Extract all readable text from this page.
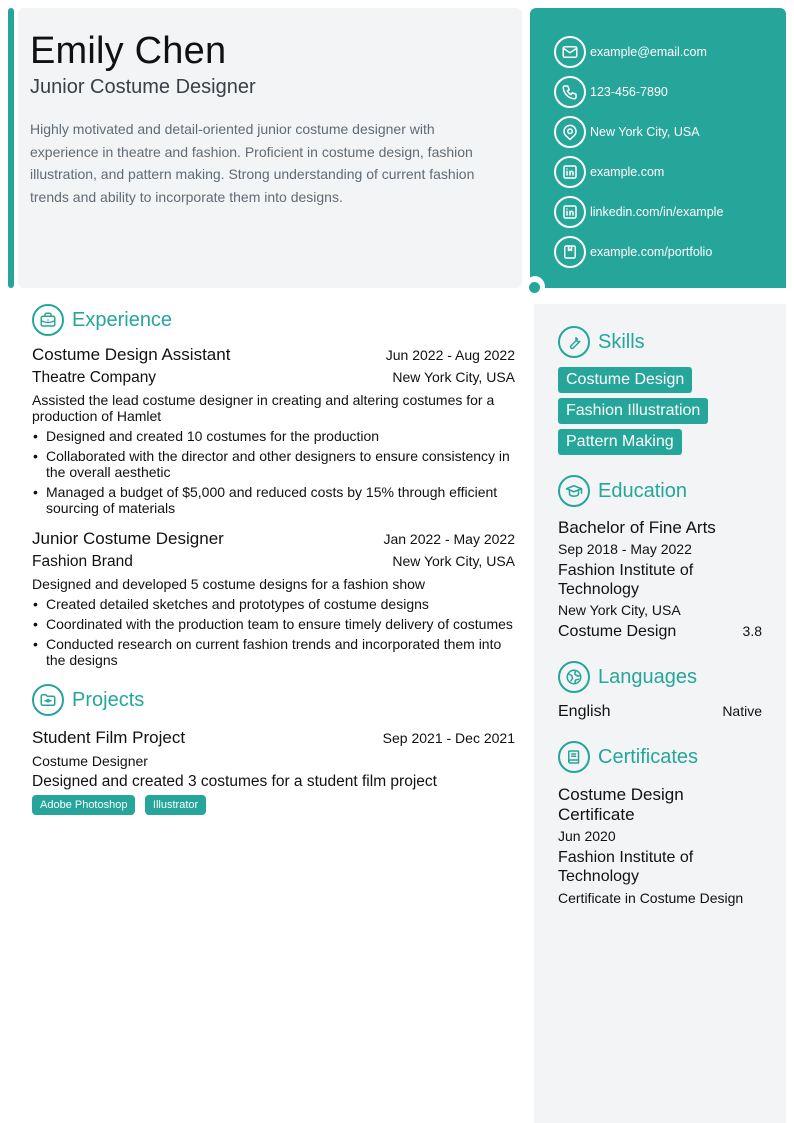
Emily Chen
Junior Costume Designer

Highly motivated and detail-oriented junior costume designer with experience in theatre and fashion. Proficient in costume design, fashion illustration, and pattern making. Strong understanding of current fashion trends and ability to incorporate them into designs.

example@email.com
123-456-7890
New York City, USA
example.com
linkedin.com/in/example
example.com/portfolio
Experience
Costume Design Assistant	Jun 2022 - Aug 2022
Theatre Company	New York City, USA

Assisted the lead costume designer in creating and altering costumes for a production of Hamlet

• Designed and created 10 costumes for the production
• Collaborated with the director and other designers to ensure consistency in the overall aesthetic
• Managed a budget of $5,000 and reduced costs by 15% through efficient sourcing of materials
Junior Costume Designer	Jan 2022 - May 2022
Fashion Brand	New York City, USA

Designed and developed 5 costume designs for a fashion show

• Created detailed sketches and prototypes of costume designs
• Coordinated with the production team to ensure timely delivery of costumes
• Conducted research on current fashion trends and incorporated them into the designs
Projects
Student Film Project	Sep 2021 - Dec 2021
Costume Designer
Designed and created 3 costumes for a student film project
Adobe Photoshop Illustrator
Skills
Costume Design
Fashion Illustration
Pattern Making
Education
Bachelor of Fine Arts
Sep 2018 - May 2022
Fashion Institute of Technology
New York City, USA
Costume Design	3.8
Languages
English	Native
Certificates
Costume Design Certificate
Jun 2020
Fashion Institute of Technology
Certificate in Costume Design
